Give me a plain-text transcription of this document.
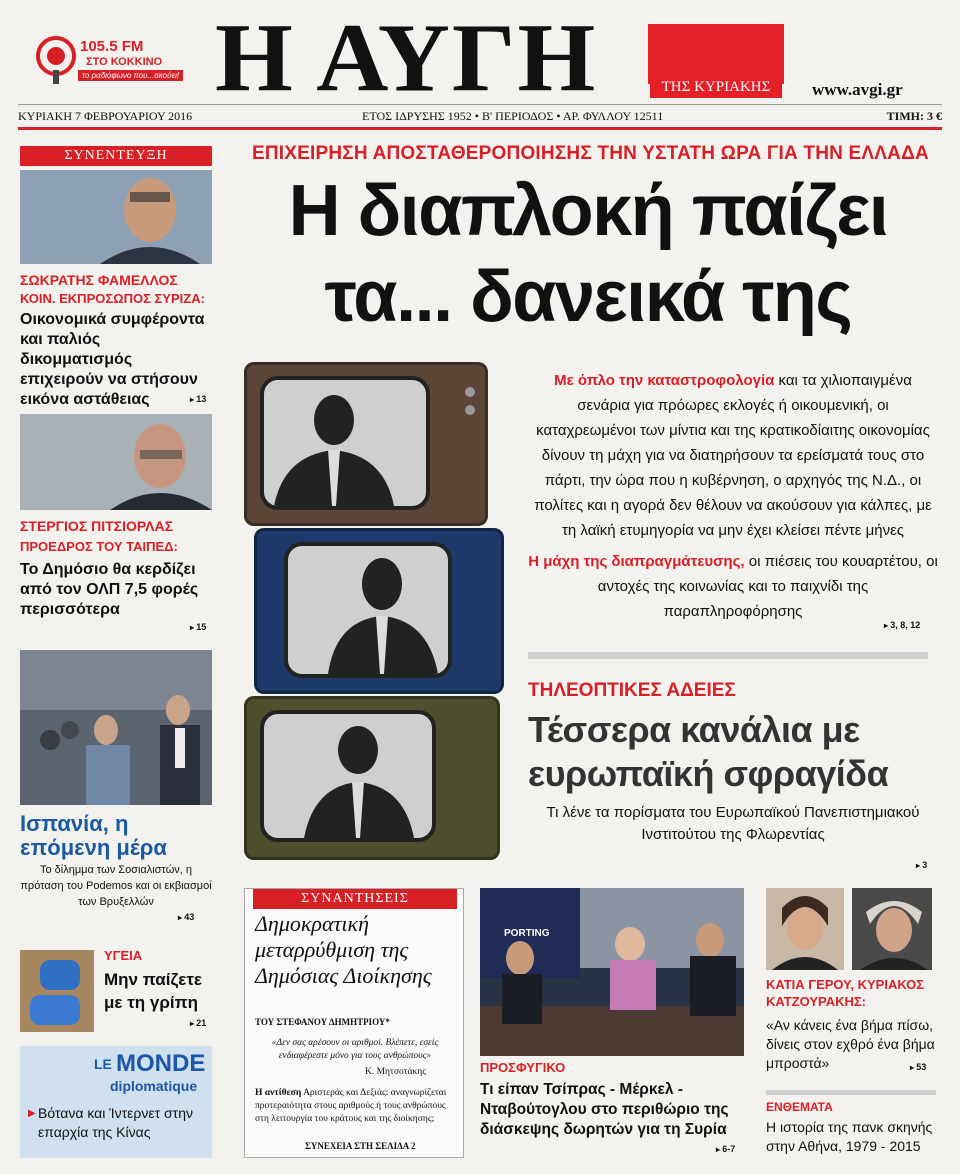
105.5 FM
ΣΤΟ ΚΟΚΚΙΝΟ
το ραδιόφωνο που...ακούει! Η ΑΥΓΗ	ΤΗΣ ΚΥΡΙΑΚΗΣ	www.avgi.gr
ΚΥΡΙΑΚΗ 7 ΦΕΒΡΟΥΑΡΙΟΥ 2016	ΕΤΟΣ ΙΔΡΥΣΗΣ 1952 • Β' ΠΕΡΙΟΔΟΣ • ΑΡ. ΦΥΛΛΟΥ 12511	ΤΙΜΗ: 3 €
ΣΥΝΕΝΤΕΥΞΗ
ΣΩΚΡΑΤΗΣ ΦΑΜΕΛΛΟΣ
ΚΟΙΝ. ΕΚΠΡΟΣΩΠΟΣ ΣΥΡΙΖΑ:
Οικονομικά συμφέροντα και παλιός δικομματισμός επιχειρούν να στήσουν εικόνα αστάθειας	▸ 13
ΣΤΕΡΓΙΟΣ ΠΙΤΣΙΟΡΛΑΣ
ΠΡΟΕΔΡΟΣ ΤΟΥ ΤΑΙΠΕΔ:
Το Δημόσιο θα κερδίζει από τον ΟΛΠ 7,5 φορές περισσότερα
▸ 15
Ισπανία, η επόμενη μέρα
Το δίλημμα των Σοσιαλιστών, η πρόταση του Podemos και οι εκβιασμοί των Βρυξελλών
▸ 43
ΥΓΕΙΑ
Μην παίζετε με τη γρίπη
▸ 21
LE MONDE
diplomatique
▶ Βότανα και Ίντερνετ στην επαρχία της Κίνας
ΕΠΙΧΕΙΡΗΣΗ ΑΠΟΣΤΑΘΕΡΟΠΟΙΗΣΗΣ ΤΗΝ ΥΣΤΑΤΗ ΩΡΑ ΓΙΑ ΤΗΝ ΕΛΛΑΔΑ
Η διαπλοκή παίζει
τα... δανεικά της

Με όπλο την καταστροφολογία και τα χιλιοπαιγμένα σενάρια για πρόωρες εκλογές ή οικουμενική, οι καταχρεωμένοι των μίντια και της κρατικοδίαιτης οικονομίας δίνουν τη μάχη για να διατηρήσουν τα ερείσματά τους στο πάρτι, την ώρα που η κυβέρνηση, ο αρχηγός της Ν.Δ., οι πολίτες και η αγορά δεν θέλουν να ακούσουν για κάλπες, με τη λαϊκή ετυμηγορία να μην έχει κλείσει πέντε μήνες

Η μάχη της διαπραγμάτευσης, οι πιέσεις του κουαρτέτου, οι αντοχές της κοινωνίας και το παιχνίδι της παραπληροφόρησης

▸ 3, 8, 12
ΤΗΛΕΟΠΤΙΚΕΣ ΑΔΕΙΕΣ
Τέσσερα κανάλια με ευρωπαϊκή σφραγίδα
Τι λένε τα πορίσματα του Ευρωπαϊκού Πανεπιστημιακού Ινστιτούτου της Φλωρεντίας
▸ 3
ΣΥΝΑΝΤΗΣΕΙΣ
Δημοκρατική μεταρρύθμιση της Δημόσιας Διοίκησης
ΤΟΥ ΣΤΕΦΑΝΟΥ ΔΗΜΗΤΡΙΟΥ*
«Δεν σας αρέσουν οι αριθμοί. Βλέπετε, εσείς ενδιαφέρεστε μόνο για τους ανθρώπους»
Κ. Μητσοτάκης
Η αντίθεση Αριστεράς και Δεξιάς: αναγνωρίζεται προτεραιότητα στους αριθμούς ή τους ανθρώπους στη λειτουργία του κράτους και της διοίκησης;
ΣΥΝΕΧΕΙΑ ΣΤΗ ΣΕΛΙΔΑ 2
PORTING
ΠΡΟΣΦΥΓΙΚΟ
Τι είπαν Τσίπρας - Μέρκελ - Νταβούτογλου στο περιθώριο της διάσκεψης δωρητών για τη Συρία
▸ 6-7
ΚΑΤΙΑ ΓΕΡΟΥ, ΚΥΡΙΑΚΟΣ ΚΑΤΖΟΥΡΑΚΗΣ:
«Αν κάνεις ένα βήμα πίσω, δίνεις στον εχθρό ένα βήμα μπροστά»	▸ 53
ΕΝΘΕΜΑΤΑ
Η ιστορία της πανκ σκηνής στην Αθήνα, 1979 - 2015
